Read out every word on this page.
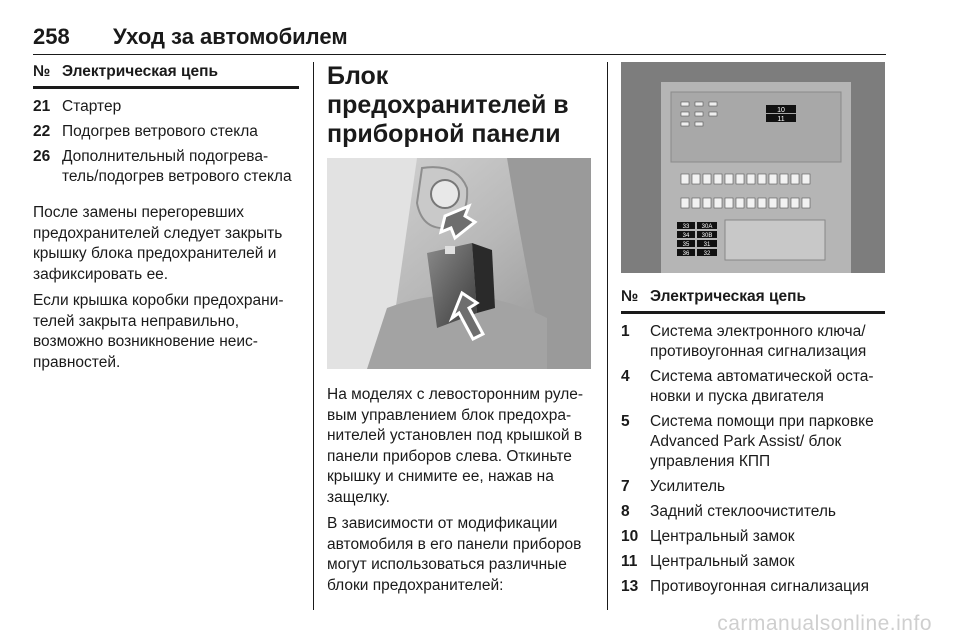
258 Уход за автомобилем
№ Электрическая цепь
21 Стартер
22 Подогрев ветрового стекла
26 Дополнительный подогрева-тель/подогрев ветрового стекла

После замены перегоревших предохранителей следует закрыть крышку блока предохранителей и зафиксировать ее.

Если крышка коробки предохрани-телей закрыта неправильно, возможно возникновение неис-правностей.

Блок предохранителей в приборной панели

На моделях с левосторонним руле-вым управлением блок предохра-нителей установлен под крышкой в панели приборов слева. Откиньте крышку и снимите ее, нажав на защелку.

В зависимости от модификации автомобиля в его панели приборов могут использоваться различные блоки предохранителей:

10
11
33 30A
34 30B
35 31
36 32
№ Электрическая цепь
1	Система электронного ключа/ противоугонная сигнализация
4	Система автоматической оста-новки и пуска двигателя
5	Система помощи при парковке Advanced Park Assist/ блок управления КПП
7	Усилитель
8	Задний стеклоочиститель
10 Центральный замок
11 Центральный замок
13 Противоугонная сигнализация
carmanualsonline.info
